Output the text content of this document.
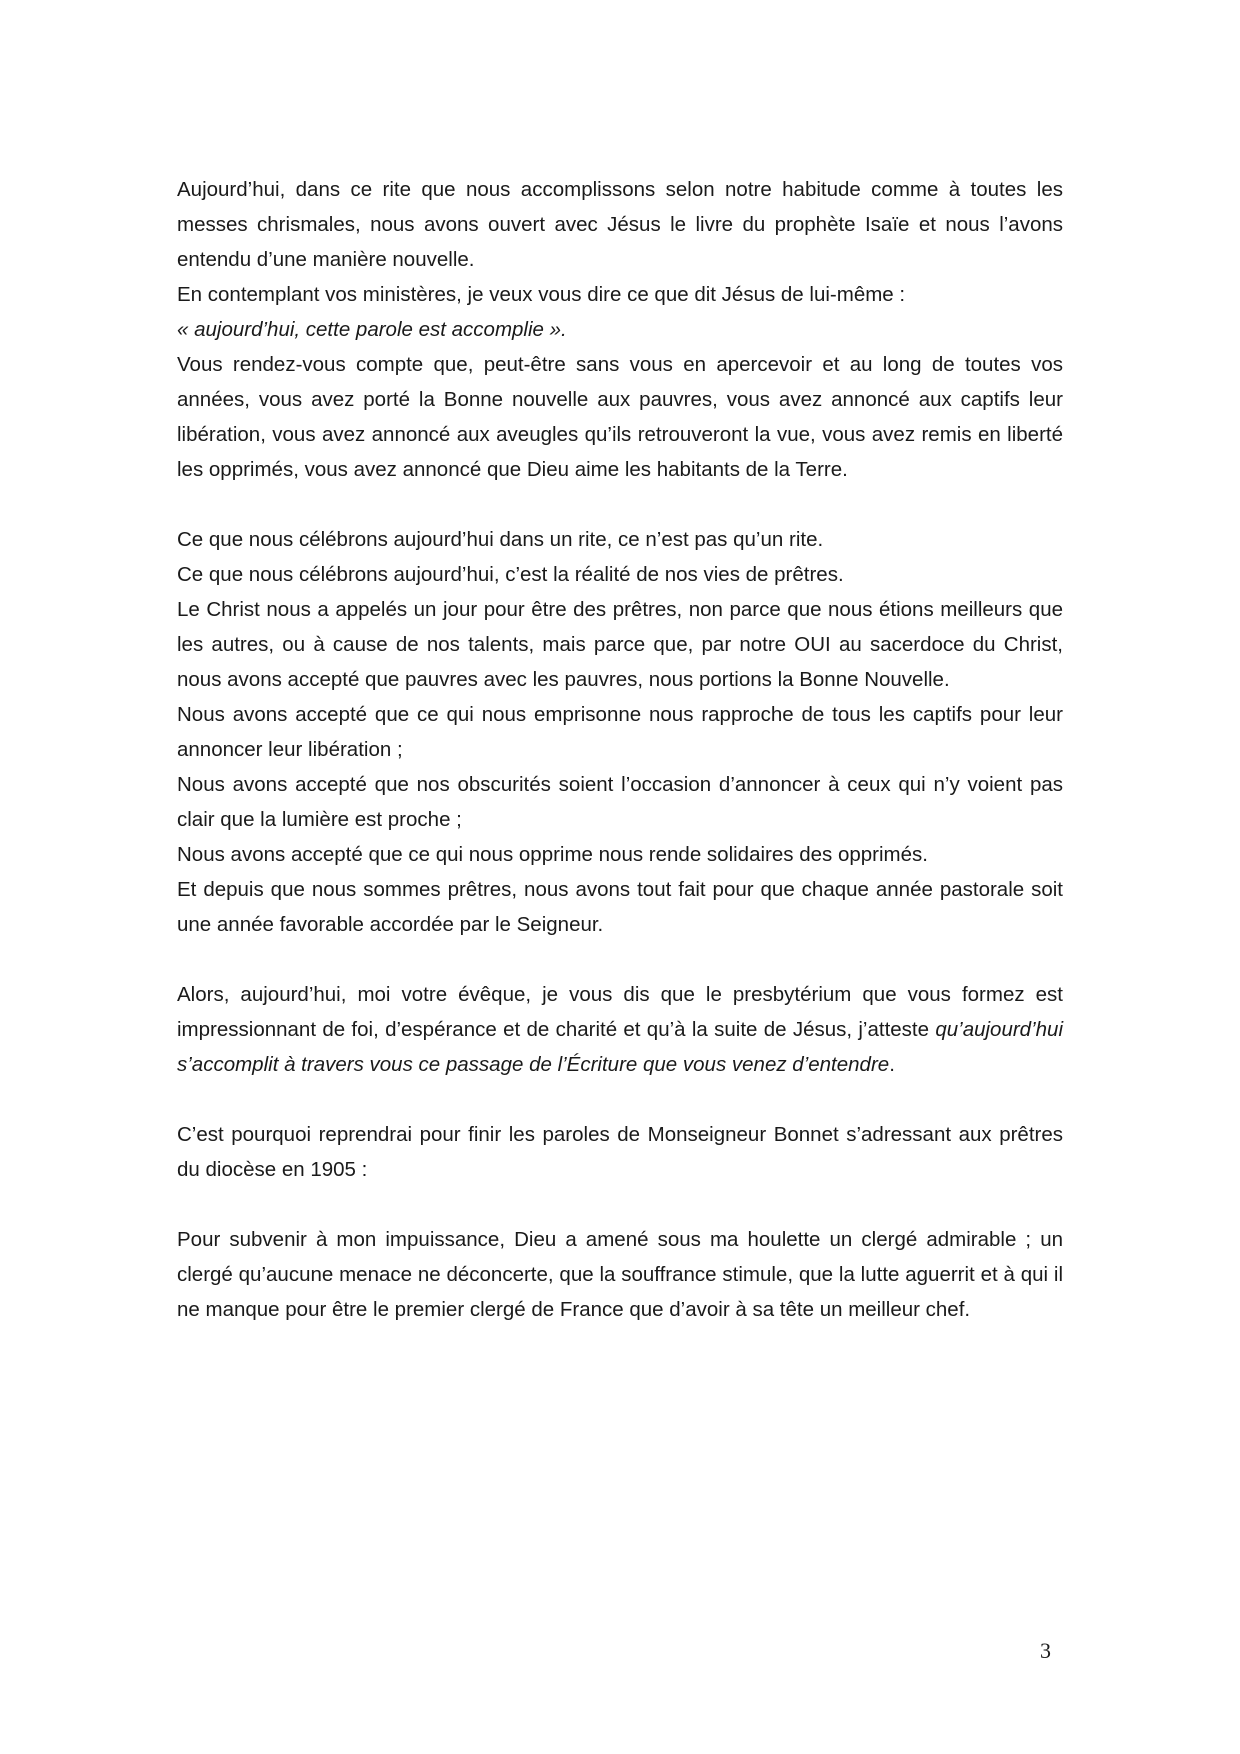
Aujourd’hui, dans ce rite que nous accomplissons selon notre habitude comme à toutes les messes chrismales, nous avons ouvert avec Jésus le livre du prophète Isaïe et nous l’avons entendu d’une manière nouvelle.

En contemplant vos ministères, je veux vous dire ce que dit Jésus de lui-même :

« aujourd’hui, cette parole est accomplie ».

Vous rendez-vous compte que, peut-être sans vous en apercevoir et au long de toutes vos années, vous avez porté la Bonne nouvelle aux pauvres, vous avez annoncé aux captifs leur libération, vous avez annoncé aux aveugles qu’ils retrouveront la vue, vous avez remis en liberté les opprimés, vous avez annoncé que Dieu aime les habitants de la Terre.

Ce que nous célébrons aujourd’hui dans un rite, ce n’est pas qu’un rite.

Ce que nous célébrons aujourd’hui, c’est la réalité de nos vies de prêtres.

Le Christ nous a appelés un jour pour être des prêtres, non parce que nous étions meilleurs que les autres, ou à cause de nos talents, mais parce que, par notre OUI au sacerdoce du Christ, nous avons accepté que pauvres avec les pauvres, nous portions la Bonne Nouvelle.

Nous avons accepté que ce qui nous emprisonne nous rapproche de tous les captifs pour leur annoncer leur libération ;

Nous avons accepté que nos obscurités soient l’occasion d’annoncer à ceux qui n’y voient pas clair que la lumière est proche ;

Nous avons accepté que ce qui nous opprime nous rende solidaires des opprimés.

Et depuis que nous sommes prêtres, nous avons tout fait pour que chaque année pastorale soit une année favorable accordée par le Seigneur.

Alors, aujourd’hui, moi votre évêque, je vous dis que le presbytérium que vous formez est impressionnant de foi, d’espérance et de charité et qu’à la suite de Jésus, j’atteste qu’aujourd’hui s’accomplit à travers vous ce passage de l’Écriture que vous venez d’entendre.

C’est pourquoi reprendrai pour finir les paroles de Monseigneur Bonnet s’adressant aux prêtres du diocèse en 1905 :

Pour subvenir à mon impuissance, Dieu a amené sous ma houlette un clergé admirable ; un clergé qu’aucune menace ne déconcerte, que la souffrance stimule, que la lutte aguerrit et à qui il ne manque pour être le premier clergé de France que d’avoir à sa tête un meilleur chef.

3
